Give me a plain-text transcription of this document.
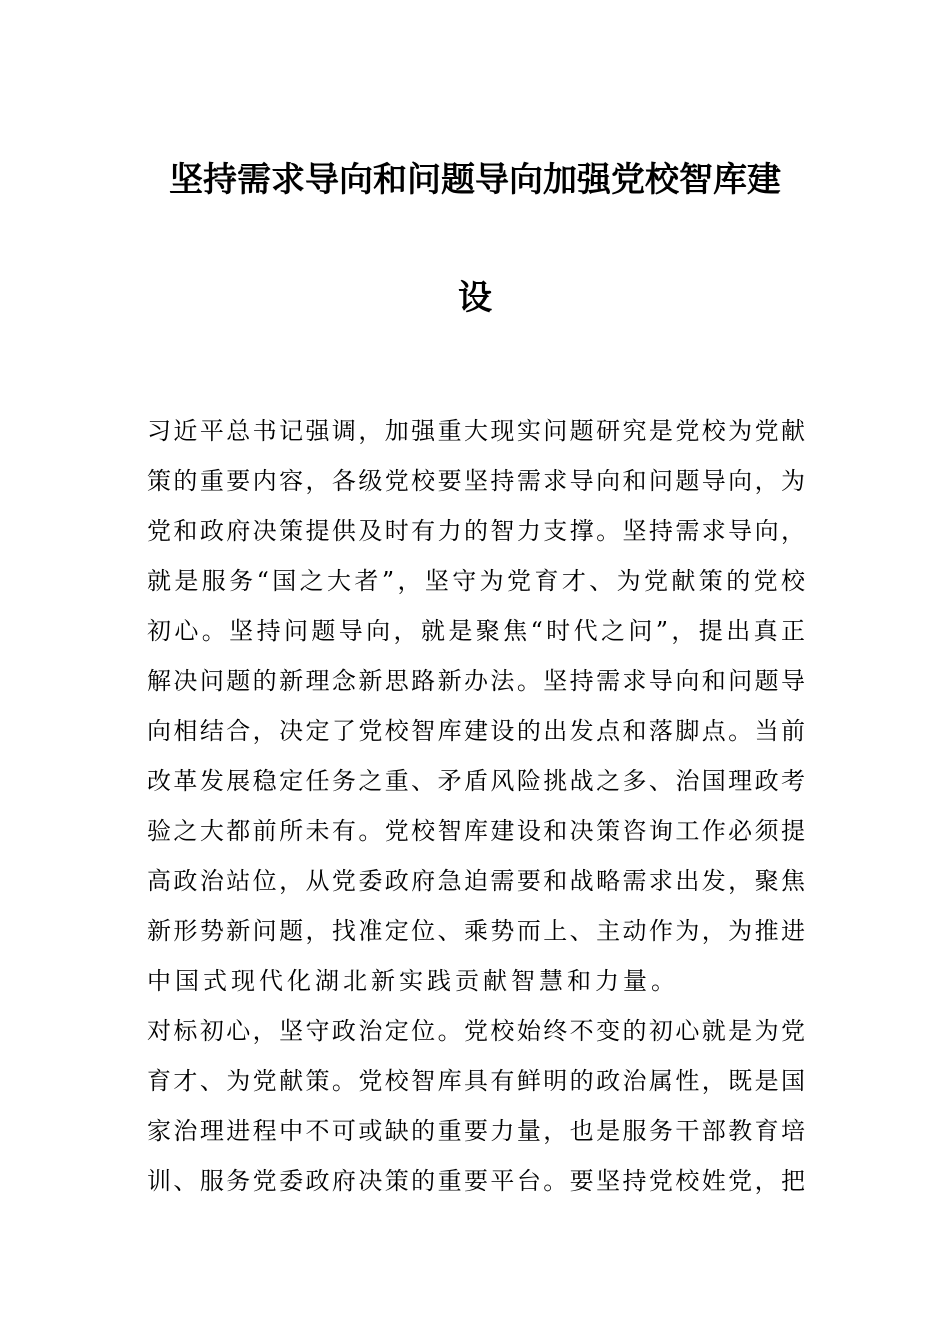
坚持需求导向和问题导向加强党校智库建
设
习近平总书记强调，加强重大现实问题研究是党校为党献
策的重要内容，各级党校要坚持需求导向和问题导向，为
党和政府决策提供及时有力的智力支撑。坚持需求导向，
就是服务“国之大者”，坚守为党育才、为党献策的党校
初心。坚持问题导向，就是聚焦“时代之问”，提出真正
解决问题的新理念新思路新办法。坚持需求导向和问题导
向相结合，决定了党校智库建设的出发点和落脚点。当前
改革发展稳定任务之重、矛盾风险挑战之多、治国理政考
验之大都前所未有。党校智库建设和决策咨询工作必须提
高政治站位，从党委政府急迫需要和战略需求出发，聚焦
新形势新问题，找准定位、乘势而上、主动作为，为推进
中国式现代化湖北新实践贡献智慧和力量。
对标初心，坚守政治定位。党校始终不变的初心就是为党
育才、为党献策。党校智库具有鲜明的政治属性，既是国
家治理进程中不可或缺的重要力量，也是服务干部教育培
训、服务党委政府决策的重要平台。要坚持党校姓党，把
